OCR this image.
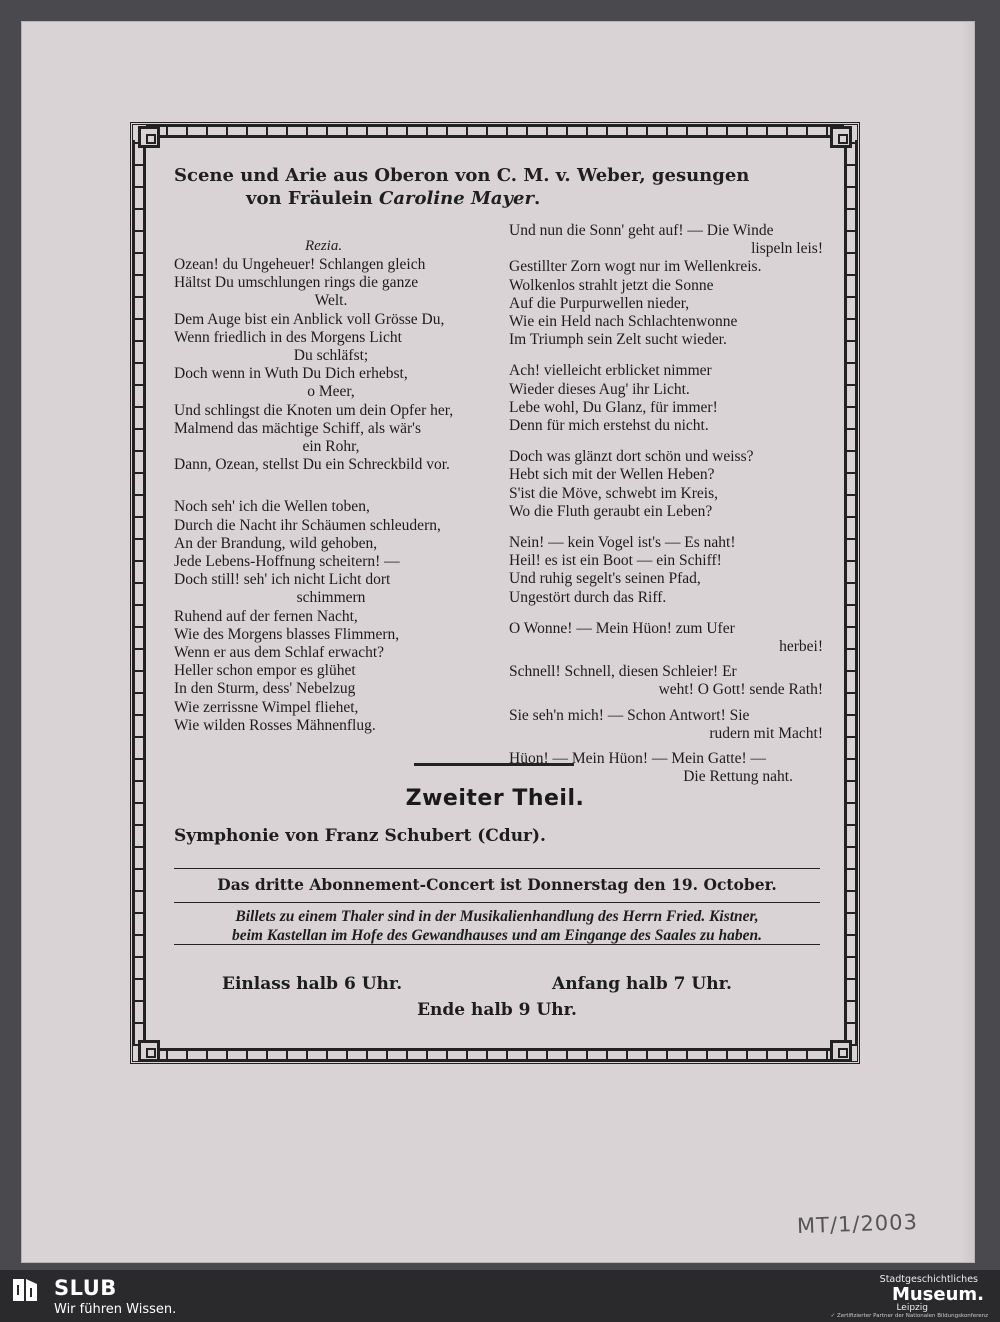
Scene und Arie aus Oberon von C. M. v. Weber, gesungen
von Fräulein Caroline Mayer.
Rezia.
Ozean! du Ungeheuer! Schlangen gleich
Hältst Du umschlungen rings die ganze
Welt.
Dem Auge bist ein Anblick voll Grösse Du,
Wenn friedlich in des Morgens Licht
Du schläfst;
Doch wenn in Wuth Du Dich erhebst,
o Meer,
Und schlingst die Knoten um dein Opfer her,
Malmend das mächtige Schiff, als wär's
ein Rohr,
Dann, Ozean, stellst Du ein Schreckbild vor.
Noch seh' ich die Wellen toben,
Durch die Nacht ihr Schäumen schleudern,
An der Brandung, wild gehoben,
Jede Lebens-Hoffnung scheitern! —
Doch still! seh' ich nicht Licht dort
schimmern
Ruhend auf der fernen Nacht,
Wie des Morgens blasses Flimmern,
Wenn er aus dem Schlaf erwacht?
Heller schon empor es glühet
In den Sturm, dess' Nebelzug
Wie zerrissne Wimpel fliehet,
Wie wilden Rosses Mähnenflug.
Und nun die Sonn' geht auf! — Die Winde
lispeln leis!
Gestillter Zorn wogt nur im Wellenkreis.
Wolkenlos strahlt jetzt die Sonne
Auf die Purpurwellen nieder,
Wie ein Held nach Schlachtenwonne
Im Triumph sein Zelt sucht wieder.
Ach! vielleicht erblicket nimmer
Wieder dieses Aug' ihr Licht.
Lebe wohl, Du Glanz, für immer!
Denn für mich erstehst du nicht.
Doch was glänzt dort schön und weiss?
Hebt sich mit der Wellen Heben?
S'ist die Möve, schwebt im Kreis,
Wo die Fluth geraubt ein Leben?
Nein! — kein Vogel ist's — Es naht!
Heil! es ist ein Boot — ein Schiff!
Und ruhig segelt's seinen Pfad,
Ungestört durch das Riff.
O Wonne! — Mein Hüon! zum Ufer
herbei!
Schnell! Schnell, diesen Schleier! Er
weht! O Gott! sende Rath!
Sie seh'n mich! — Schon Antwort! Sie
rudern mit Macht!
Hüon! — Mein Hüon! — Mein Gatte! —
Die Rettung naht.
Zweiter Theil.
Symphonie von Franz Schubert (Cdur).
Das dritte Abonnement-Concert ist Donnerstag den 19. October.
Billets zu einem Thaler sind in der Musikalienhandlung des Herrn Fried. Kistner,
beim Kastellan im Hofe des Gewandhauses und am Eingange des Saales zu haben.
Einlass halb 6 Uhr.	Anfang halb 7 Uhr.
Ende halb 9 Uhr.
MT/1/2003
SLUB
Wir führen Wissen.
Stadtgeschichtliches
Museum.
Leipzig
✓ Zertifizierter Partner der Nationalen Bildungskonferenz
